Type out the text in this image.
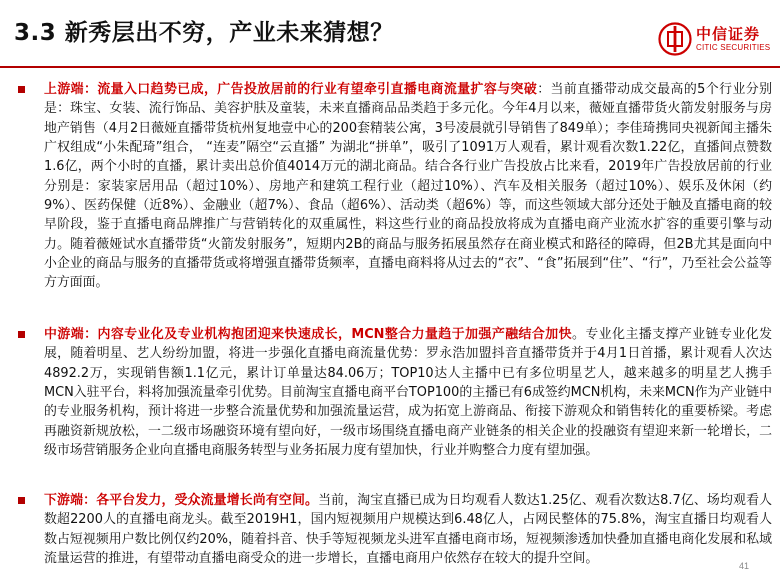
3.3 新秀层出不穷，产业未来猜想？	中信证券
CITIC SECURITIES

上游端：流量入口趋势已成，广告投放居前的行业有望牵引直播电商流量扩容与突破：当前直播带动成交最高的5个行业分别是：珠宝、女装、流行饰品、美容护肤及童装，未来直播商品品类趋于多元化。今年4月以来，薇娅直播带货火箭发射服务与房地产销售（4月2日薇娅直播带货杭州复地壹中心的200套精装公寓，3号凌晨就引导销售了849单）；李佳琦携同央视新闻主播朱广权组成“小朱配琦”组合， “连麦”隔空“云直播” 为湖北“拼单”，吸引了1091万人观看，累计观看次数1.22亿，直播间点赞数1.6亿，两个小时的直播，累计卖出总价值4014万元的湖北商品。结合各行业广告投放占比来看，2019年广告投放居前的行业分别是：家装家居用品（超过10%）、房地产和建筑工程行业（超过10%）、汽车及相关服务（超过10%）、娱乐及休闲（约9%）、医药保健（近8%）、金融业（超7%）、食品（超6%）、活动类（超6%）等，而这些领域大部分还处于触及直播电商的较早阶段，鉴于直播电商品牌推广与营销转化的双重属性，料这些行业的商品投放将成为直播电商产业流水扩容的重要引擎与动力。随着薇娅试水直播带货“火箭发射服务”，短期内2B的商品与服务拓展虽然存在商业模式和路径的障碍，但2B尤其是面向中小企业的商品与服务的直播带货或将增强直播带货频率，直播电商料将从过去的“衣”、“食”拓展到“住”、“行”，乃至社会公益等方方面面。

中游端：内容专业化及专业机构抱团迎来快速成长，MCN整合力量趋于加强产融结合加快。专业化主播支撑产业链专业化发展，随着明星、艺人纷纷加盟，将进一步强化直播电商流量优势：罗永浩加盟抖音直播带货并于4月1日首播，累计观看人次达4892.2万，实现销售额1.1亿元，累计订单量达84.06万；TOP10达人主播中已有多位明星艺人，越来越多的明星艺人携手MCN入驻平台，料将加强流量牵引优势。目前淘宝直播电商平台TOP100的主播已有6成签约MCN机构，未来MCN作为产业链中的专业服务机构，预计将进一步整合流量优势和加强流量运营，成为拓宽上游商品、衔接下游观众和销售转化的重要桥梁。考虑再融资新规放松，一二级市场融资环境有望向好，一级市场围绕直播电商产业链条的相关企业的投融资有望迎来新一轮增长，二级市场营销服务企业向直播电商服务转型与业务拓展力度有望加快，行业并购整合力度有望加强。

下游端：各平台发力，受众流量增长尚有空间。当前，淘宝直播已成为日均观看人数达1.25亿、观看次数达8.7亿、场均观看人数超2200人的直播电商龙头。截至2019H1，国内短视频用户规模达到6.48亿人，占网民整体的75.8%，淘宝直播日均观看人数占短视频用户数比例仅约20%，随着抖音、快手等短视频龙头进军直播电商市场，短视频渗透加快叠加直播电商化发展和私域流量运营的推进，有望带动直播电商受众的进一步增长，直播电商用户依然存在较大的提升空间。	41
